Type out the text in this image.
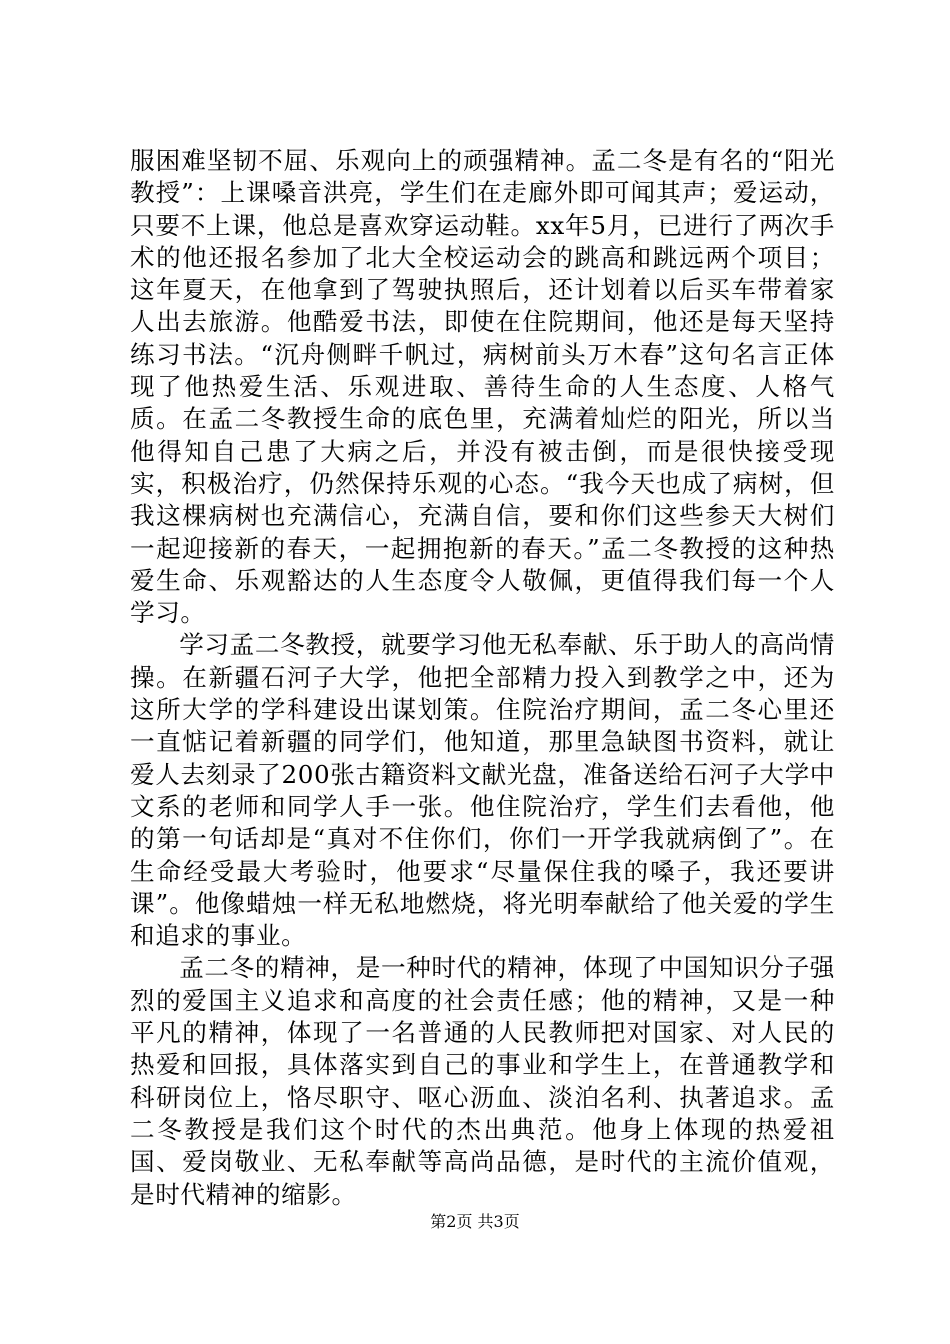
服困难坚韧不屈、乐观向上的顽强精神。孟二冬是有名的“阳光教授”：上课嗓音洪亮，学生们在走廊外即可闻其声；爱运动，只要不上课，他总是喜欢穿运动鞋。xx年5月，已进行了两次手术的他还报名参加了北大全校运动会的跳高和跳远两个项目；这年夏天，在他拿到了驾驶执照后，还计划着以后买车带着家人出去旅游。他酷爱书法，即使在住院期间，他还是每天坚持练习书法。“沉舟侧畔千帆过，病树前头万木春”这句名言正体现了他热爱生活、乐观进取、善待生命的人生态度、人格气质。在孟二冬教授生命的底色里，充满着灿烂的阳光，所以当他得知自己患了大病之后，并没有被击倒，而是很快接受现实，积极治疗，仍然保持乐观的心态。“我今天也成了病树，但我这棵病树也充满信心，充满自信，要和你们这些参天大树们一起迎接新的春天，一起拥抱新的春天。”孟二冬教授的这种热爱生命、乐观豁达的人生态度令人敬佩，更值得我们每一个人学习。

学习孟二冬教授，就要学习他无私奉献、乐于助人的高尚情操。在新疆石河子大学，他把全部精力投入到教学之中，还为这所大学的学科建设出谋划策。住院治疗期间，孟二冬心里还一直惦记着新疆的同学们，他知道，那里急缺图书资料，就让爱人去刻录了200张古籍资料文献光盘，准备送给石河子大学中文系的老师和同学人手一张。他住院治疗，学生们去看他，他的第一句话却是“真对不住你们，你们一开学我就病倒了”。在生命经受最大考验时，他要求“尽量保住我的嗓子，我还要讲课”。他像蜡烛一样无私地燃烧，将光明奉献给了他关爱的学生和追求的事业。

孟二冬的精神，是一种时代的精神，体现了中国知识分子强烈的爱国主义追求和高度的社会责任感；他的精神，又是一种平凡的精神，体现了一名普通的人民教师把对国家、对人民的热爱和回报，具体落实到自己的事业和学生上，在普通教学和科研岗位上，恪尽职守、呕心沥血、淡泊名利、执著追求。孟二冬教授是我们这个时代的杰出典范。他身上体现的热爱祖国、爱岗敬业、无私奉献等高尚品德，是时代的主流价值观，是时代精神的缩影。

第2页 共3页
